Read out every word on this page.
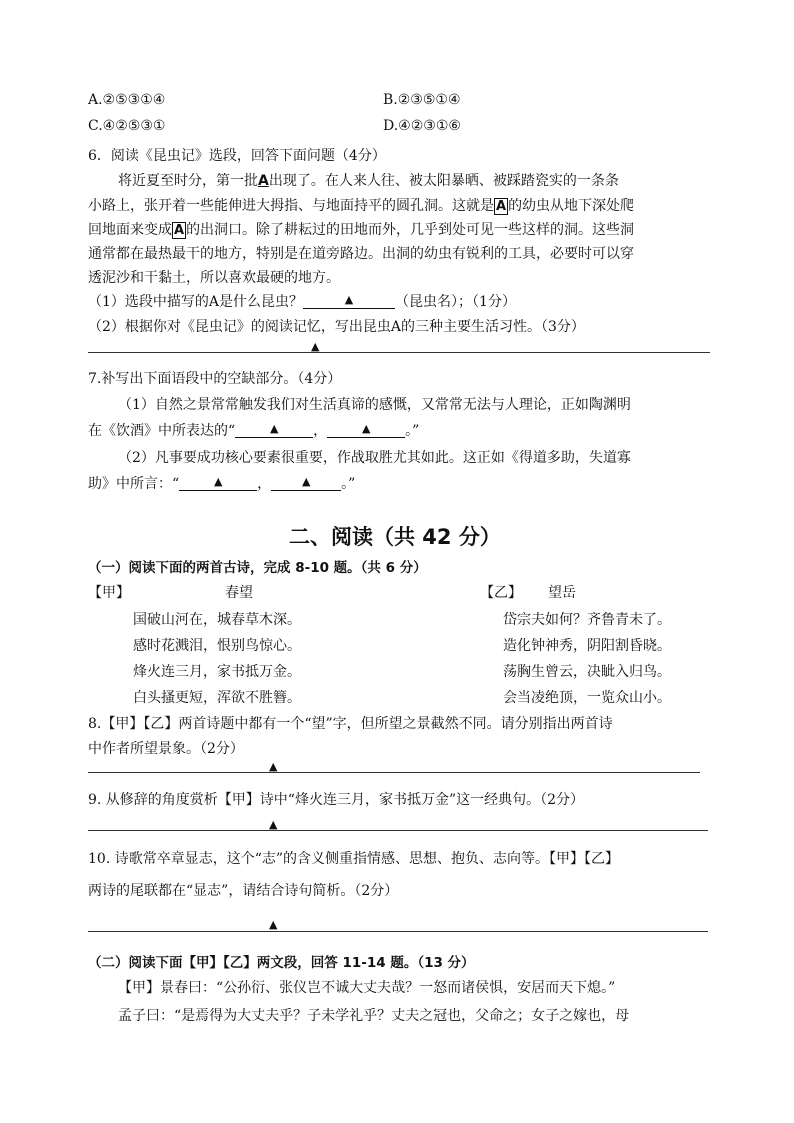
A.②⑤③①④	B.②③⑤①④
C.④②⑤③①	D.④②③①⑥
6．阅读《昆虫记》选段，回答下面问题（4分）
将近夏至时分，第一批A出现了。在人来人往、被太阳暴晒、被踩踏瓷实的一条条
小路上，张开着一些能伸进大拇指、与地面持平的圆孔洞。这就是 A 的幼虫从地下深处爬
回地面来变成 A 的出洞口。除了耕耘过的田地而外，几乎到处可见一些这样的洞。这些洞
通常都在最热最干的地方，特别是在道旁路边。出洞的幼虫有锐利的工具，必要时可以穿
透泥沙和干黏土，所以喜欢最硬的地方。
（1）选段中描写的A是什么昆虫？	▲	（昆虫名）；（1分）
（2）根据你对《昆虫记》的阅读记忆，写出昆虫A的三种主要生活习性。（3分）
▲
7.补写出下面语段中的空缺部分。（4分）
（1）自然之景常常触发我们对生活真谛的感慨，又常常无法与人理论，正如陶渊明
在《饮酒》中所表达的“	▲ ，	▲ 。”
（2）凡事要成功核心要素很重要，作战取胜尤其如此。这正如《得道多助，失道寡
助》中所言：“	▲ ，	▲ 。”
二、阅读（共 42 分）
（一）阅读下面的两首古诗，完成 8-10 题。（共 6 分）
【甲】	春望
国破山河在，城春草木深。
感时花溅泪，恨别鸟惊心。
烽火连三月，家书抵万金。
白头搔更短，浑欲不胜簪。
【乙】 望岳
岱宗夫如何？齐鲁青未了。
造化钟神秀，阴阳割昏晓。
荡胸生曾云，决眦入归鸟。
会当凌绝顶，一览众山小。
8.【甲】【乙】两首诗题中都有一个“望”字，但所望之景截然不同。请分别指出两首诗
中作者所望景象。（2分）
▲
9. 从修辞的角度赏析【甲】诗中“烽火连三月，家书抵万金”这一经典句。（2分）
▲
10. 诗歌常卒章显志，这个“志”的含义侧重指情感、思想、抱负、志向等。【甲】【乙】
两诗的尾联都在“显志”，请结合诗句简析。（2分）
▲
（二）阅读下面【甲】【乙】两文段，回答 11-14 题。（13 分）
【甲】景春曰：“公孙衍、张仪岂不诚大丈夫哉？一怒而诸侯惧，安居而天下熄。”
孟子曰：“是焉得为大丈夫乎？子未学礼乎？丈夫之冠也，父命之；女子之嫁也，母
